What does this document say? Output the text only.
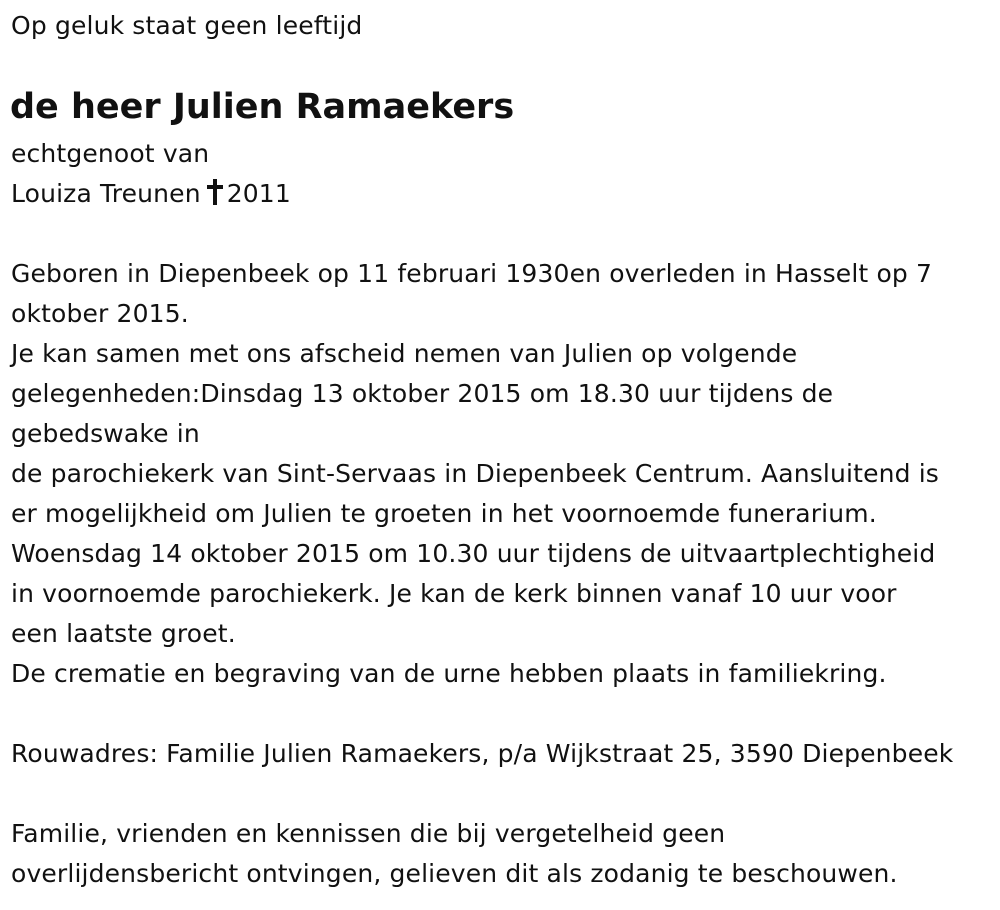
Op geluk staat geen leeftijd
de heer Julien Ramaekers
echtgenoot van
Louiza Treunen 2011
Geboren in Diepenbeek op 11 februari 1930en overleden in Hasselt op 7
oktober 2015.
Je kan samen met ons afscheid nemen van Julien op volgende
gelegenheden:Dinsdag 13 oktober 2015 om 18.30 uur tijdens de
gebedswake in
de parochiekerk van Sint-Servaas in Diepenbeek Centrum. Aansluitend is
er mogelijkheid om Julien te groeten in het voornoemde funerarium.
Woensdag 14 oktober 2015 om 10.30 uur tijdens de uitvaartplechtigheid
in voornoemde parochiekerk. Je kan de kerk binnen vanaf 10 uur voor
een laatste groet.
De crematie en begraving van de urne hebben plaats in familiekring.
Rouwadres: Familie Julien Ramaekers, p/a Wijkstraat 25, 3590 Diepenbeek
Familie, vrienden en kennissen die bij vergetelheid geen
overlijdensbericht ontvingen, gelieven dit als zodanig te beschouwen.
